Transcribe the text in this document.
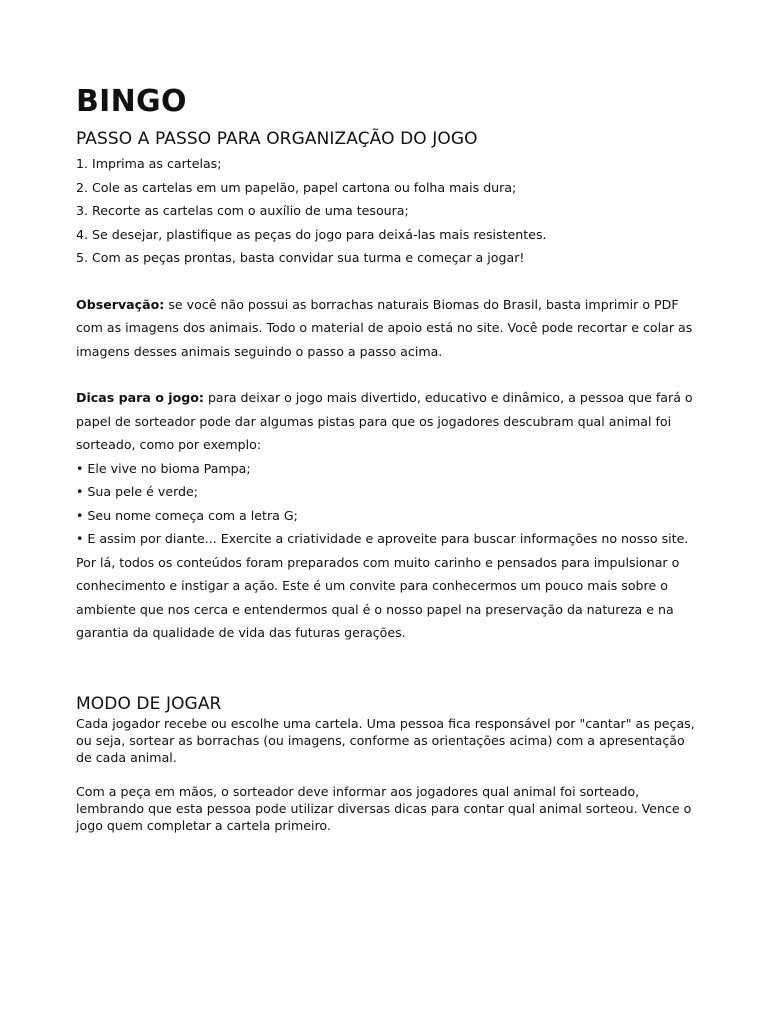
BINGO
PASSO A PASSO PARA ORGANIZAÇÃO DO JOGO
1. Imprima as cartelas;
2. Cole as cartelas em um papelão, papel cartona ou folha mais dura;
3. Recorte as cartelas com o auxílio de uma tesoura;
4. Se desejar, plastifique as peças do jogo para deixá-las mais resistentes.
5. Com as peças prontas, basta convidar sua turma e começar a jogar!

Observação: se você não possui as borrachas naturais Biomas do Brasil, basta imprimir o PDF com as imagens dos animais. Todo o material de apoio está no site. Você pode recortar e colar as imagens desses animais seguindo o passo a passo acima.

Dicas para o jogo: para deixar o jogo mais divertido, educativo e dinâmico, a pessoa que fará o papel de sorteador pode dar algumas pistas para que os jogadores descubram qual animal foi sorteado, como por exemplo:

• Ele vive no bioma Pampa;

• Sua pele é verde;

• Seu nome começa com a letra G;

• E assim por diante... Exercite a criatividade e aproveite para buscar informações no nosso site. Por lá, todos os conteúdos foram preparados com muito carinho e pensados para impulsionar o conhecimento e instigar a ação. Este é um convite para conhecermos um pouco mais sobre o ambiente que nos cerca e entendermos qual é o nosso papel na preservação da natureza e na garantia da qualidade de vida das futuras gerações.

MODO DE JOGAR

Cada jogador recebe ou escolhe uma cartela. Uma pessoa fica responsável por "cantar" as peças, ou seja, sortear as borrachas (ou imagens, conforme as orientações acima) com a apresentação de cada animal.

Com a peça em mãos, o sorteador deve informar aos jogadores qual animal foi sorteado, lembrando que esta pessoa pode utilizar diversas dicas para contar qual animal sorteou. Vence o jogo quem completar a cartela primeiro.
